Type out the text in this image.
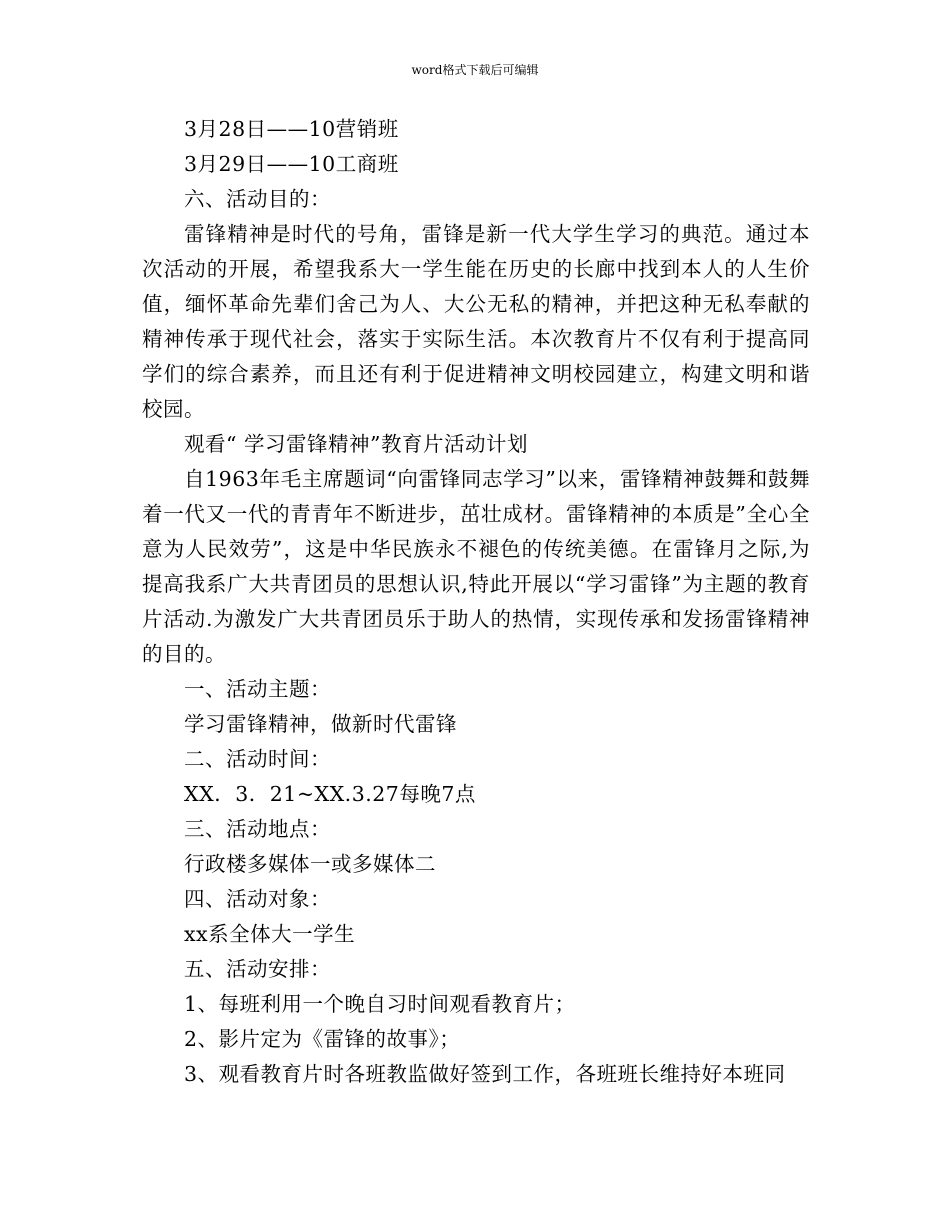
word格式下载后可编辑

3月28日——10营销班

3月29日——10工商班

六、活动目的：

雷锋精神是时代的号角，雷锋是新一代大学生学习的典范。通过本次活动的开展，希望我系大一学生能在历史的长廊中找到本人的人生价值，缅怀革命先辈们舍己为人、大公无私的精神，并把这种无私奉献的精神传承于现代社会，落实于实际生活。本次教育片不仅有利于提高同学们的综合素养，而且还有利于促进精神文明校园建立，构建文明和谐校园。

观看“ 学习雷锋精神”教育片活动计划

自1963年毛主席题词“向雷锋同志学习”以来，雷锋精神鼓舞和鼓舞着一代又一代的青青年不断进步，茁壮成材。雷锋精神的本质是”全心全意为人民效劳”，这是中华民族永不褪色的传统美德。在雷锋月之际,为提高我系广大共青团员的思想认识,特此开展以“学习雷锋”为主题的教育片活动.为激发广大共青团员乐于助人的热情，实现传承和发扬雷锋精神的目的。

一、活动主题：

学习雷锋精神，做新时代雷锋

二、活动时间：

XX．3．21~XX.3.27每晚7点

三、活动地点：

行政楼多媒体一或多媒体二

四、活动对象：

xx系全体大一学生

五、活动安排：

1、每班利用一个晚自习时间观看教育片；

2、影片定为《雷锋的故事》；

3、观看教育片时各班教监做好签到工作，各班班长维持好本班同
